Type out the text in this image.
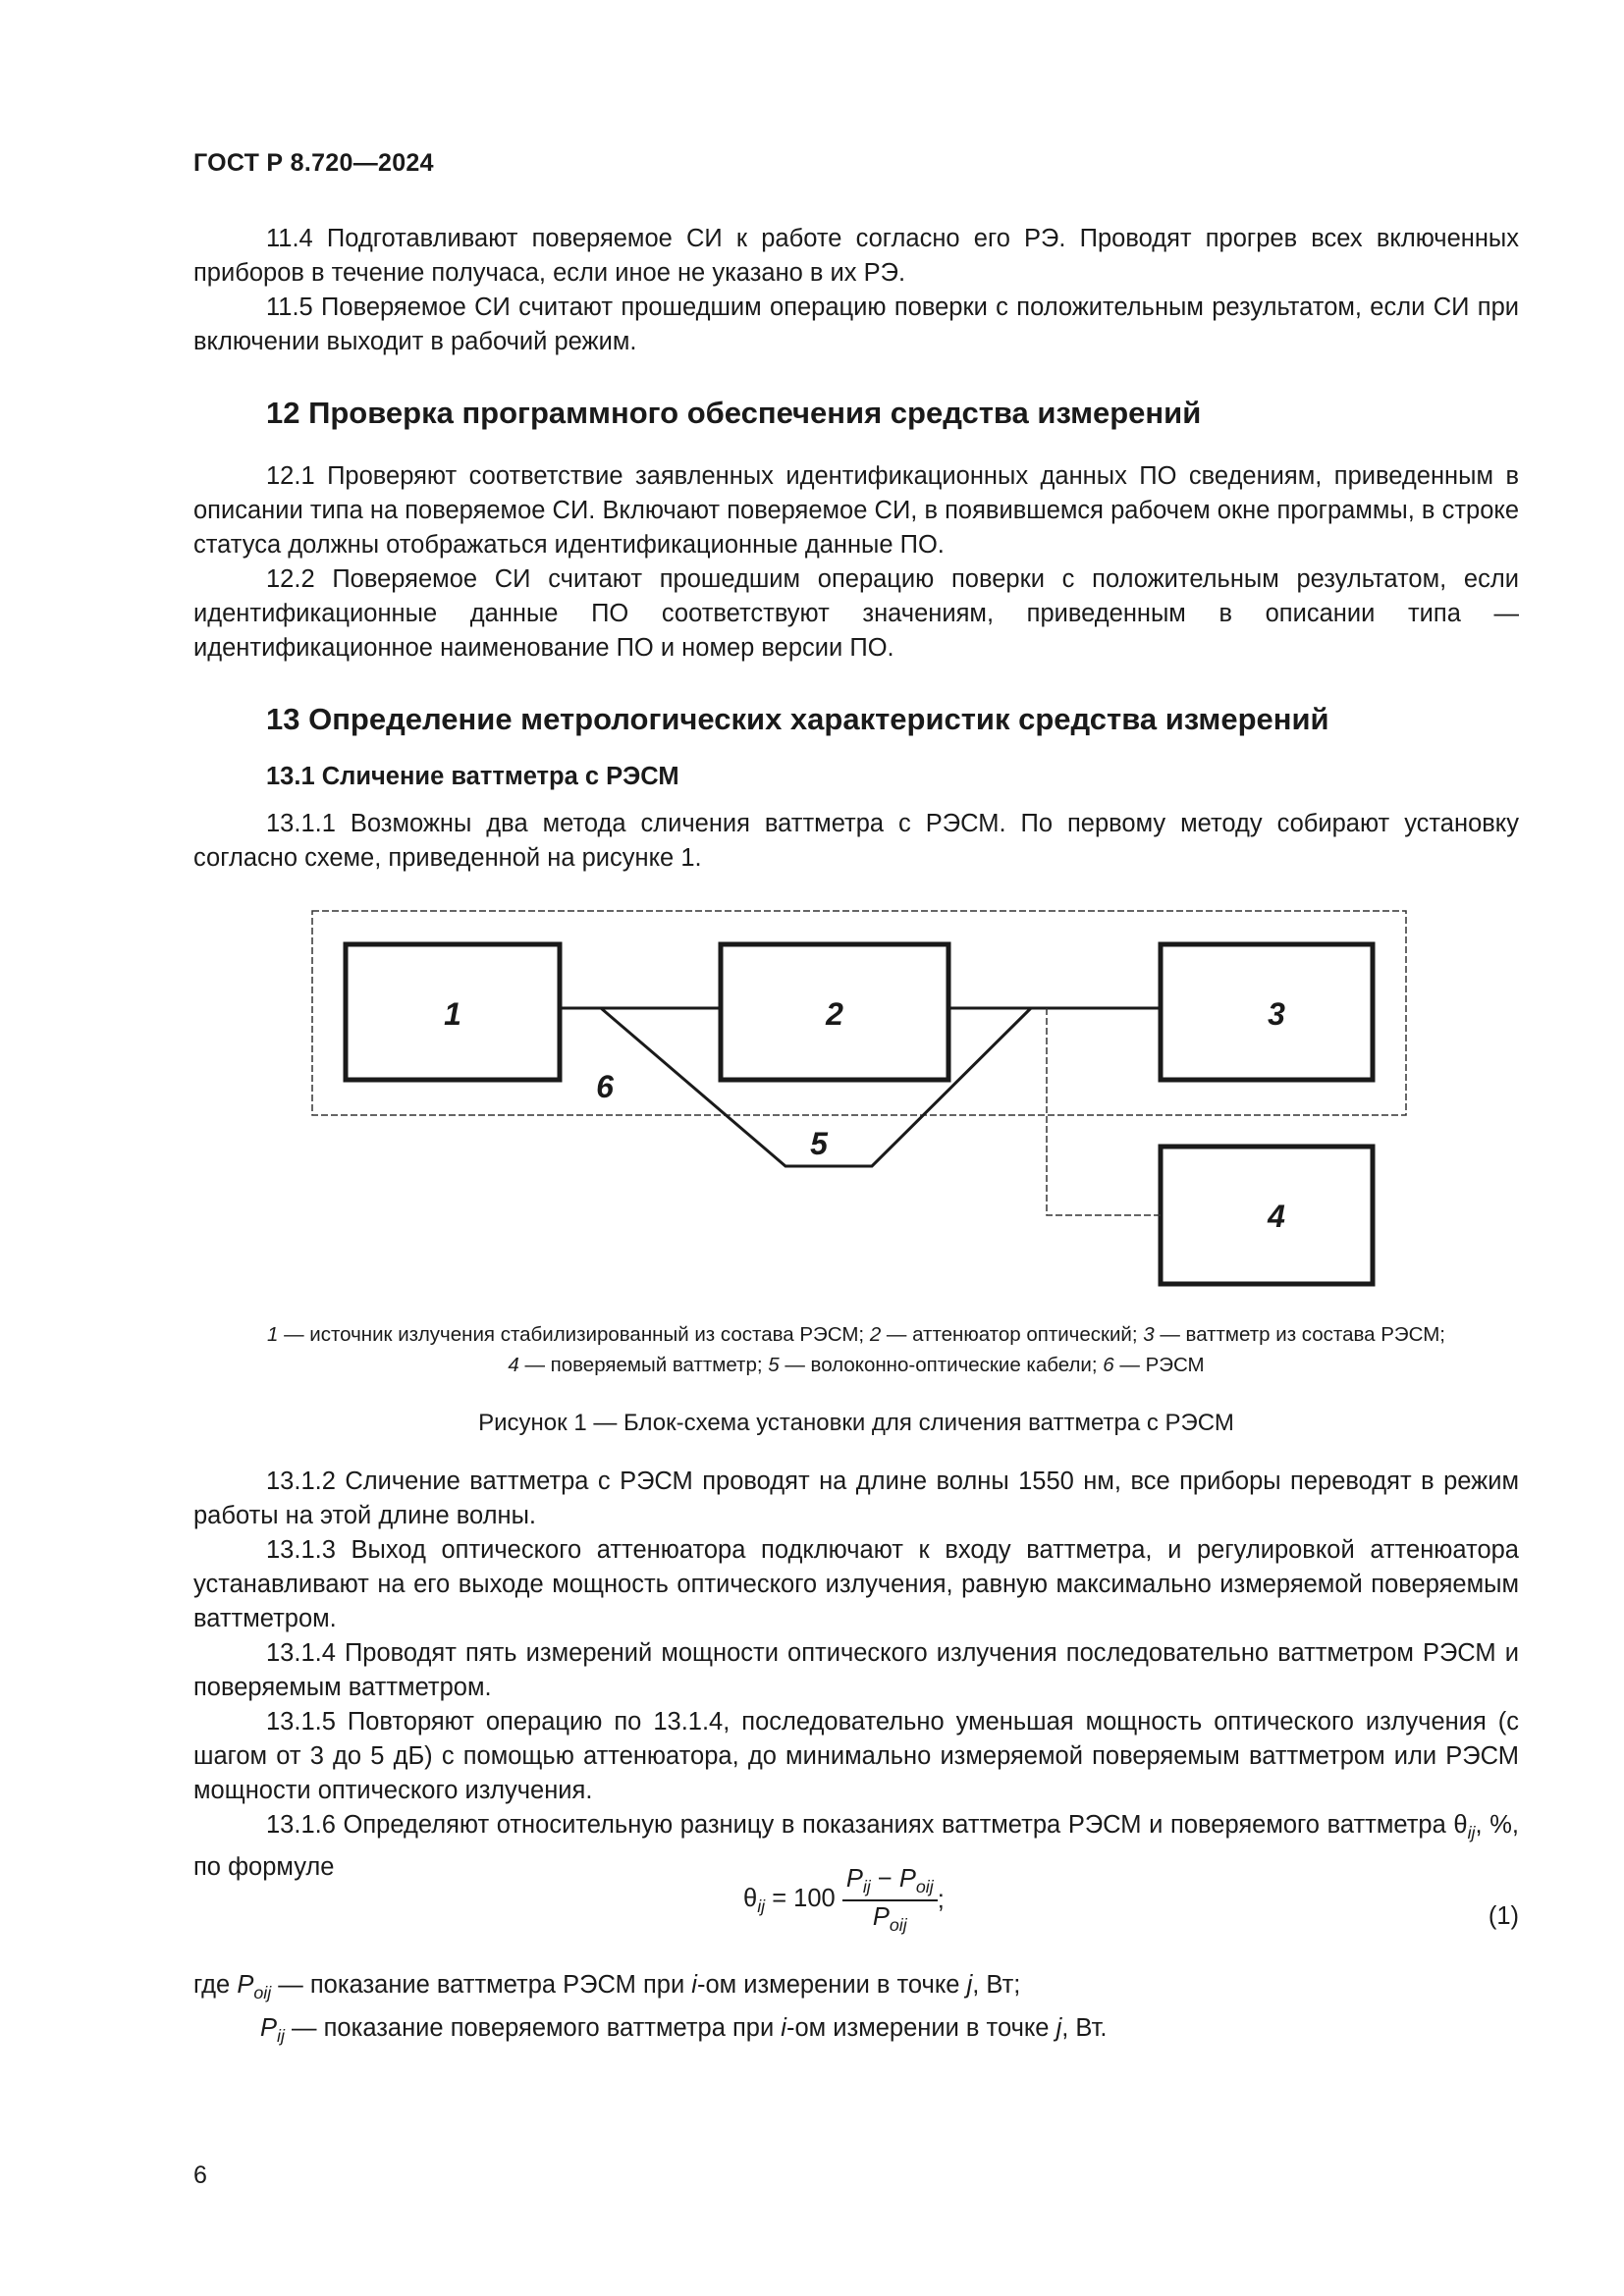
ГОСТ Р 8.720—2024

11.4 Подготавливают поверяемое СИ к работе согласно его РЭ. Проводят прогрев всех включенных приборов в течение получаса, если иное не указано в их РЭ.

11.5 Поверяемое СИ считают прошедшим операцию поверки с положительным результатом, если СИ при включении выходит в рабочий режим.

12 Проверка программного обеспечения средства измерений

12.1 Проверяют соответствие заявленных идентификационных данных ПО сведениям, приведенным в описании типа на поверяемое СИ. Включают поверяемое СИ, в появившемся рабочем окне программы, в строке статуса должны отображаться идентификационные данные ПО.

12.2 Поверяемое СИ считают прошедшим операцию поверки с положительным результатом, если идентификационные данные ПО соответствуют значениям, приведенным в описании типа — идентификационное наименование ПО и номер версии ПО.

13 Определение метрологических характеристик средства измерений
13.1 Сличение ваттметра с РЭСМ

13.1.1 Возможны два метода сличения ваттметра с РЭСМ. По первому методу собирают установку согласно схеме, приведенной на рисунке 1.

1	2	3
4
5
6
1 — источник излучения стабилизированный из состава РЭСМ; 2 — аттенюатор оптический; 3 — ваттметр из состава РЭСМ;
4 — поверяемый ваттметр; 5 — волоконно-оптические кабели; 6 — РЭСМ
Рисунок 1 — Блок-схема установки для сличения ваттметра с РЭСМ

13.1.2 Сличение ваттметра с РЭСМ проводят на длине волны 1550 нм, все приборы переводят в режим работы на этой длине волны.

13.1.3 Выход оптического аттенюатора подключают к входу ваттметра, и регулировкой аттенюатора устанавливают на его выходе мощность оптического излучения, равную максимально измеряемой поверяемым ваттметром.

13.1.4 Проводят пять измерений мощности оптического излучения последовательно ваттметром РЭСМ и поверяемым ваттметром.

13.1.5 Повторяют операцию по 13.1.4, последовательно уменьшая мощность оптического излучения (с шагом от 3 до 5 дБ) с помощью аттенюатора, до минимально измеряемой поверяемым ваттметром или РЭСМ мощности оптического излучения.

13.1.6 Определяют относительную разницу в показаниях ваттметра РЭСМ и поверяемого ваттметра $\theta_{ij}$, %, по формуле

$\theta_{ij} = 100 \frac{P_{ij} - P_{oij}}{P_{oij}}$ ;
(1)
где $P_{oij}$ — показание ваттметра РЭСМ при i-ом измерении в точке j, Вт;
$P_{ij}$ — показание поверяемого ваттметра при i-ом измерении в точке j, Вт.
6
